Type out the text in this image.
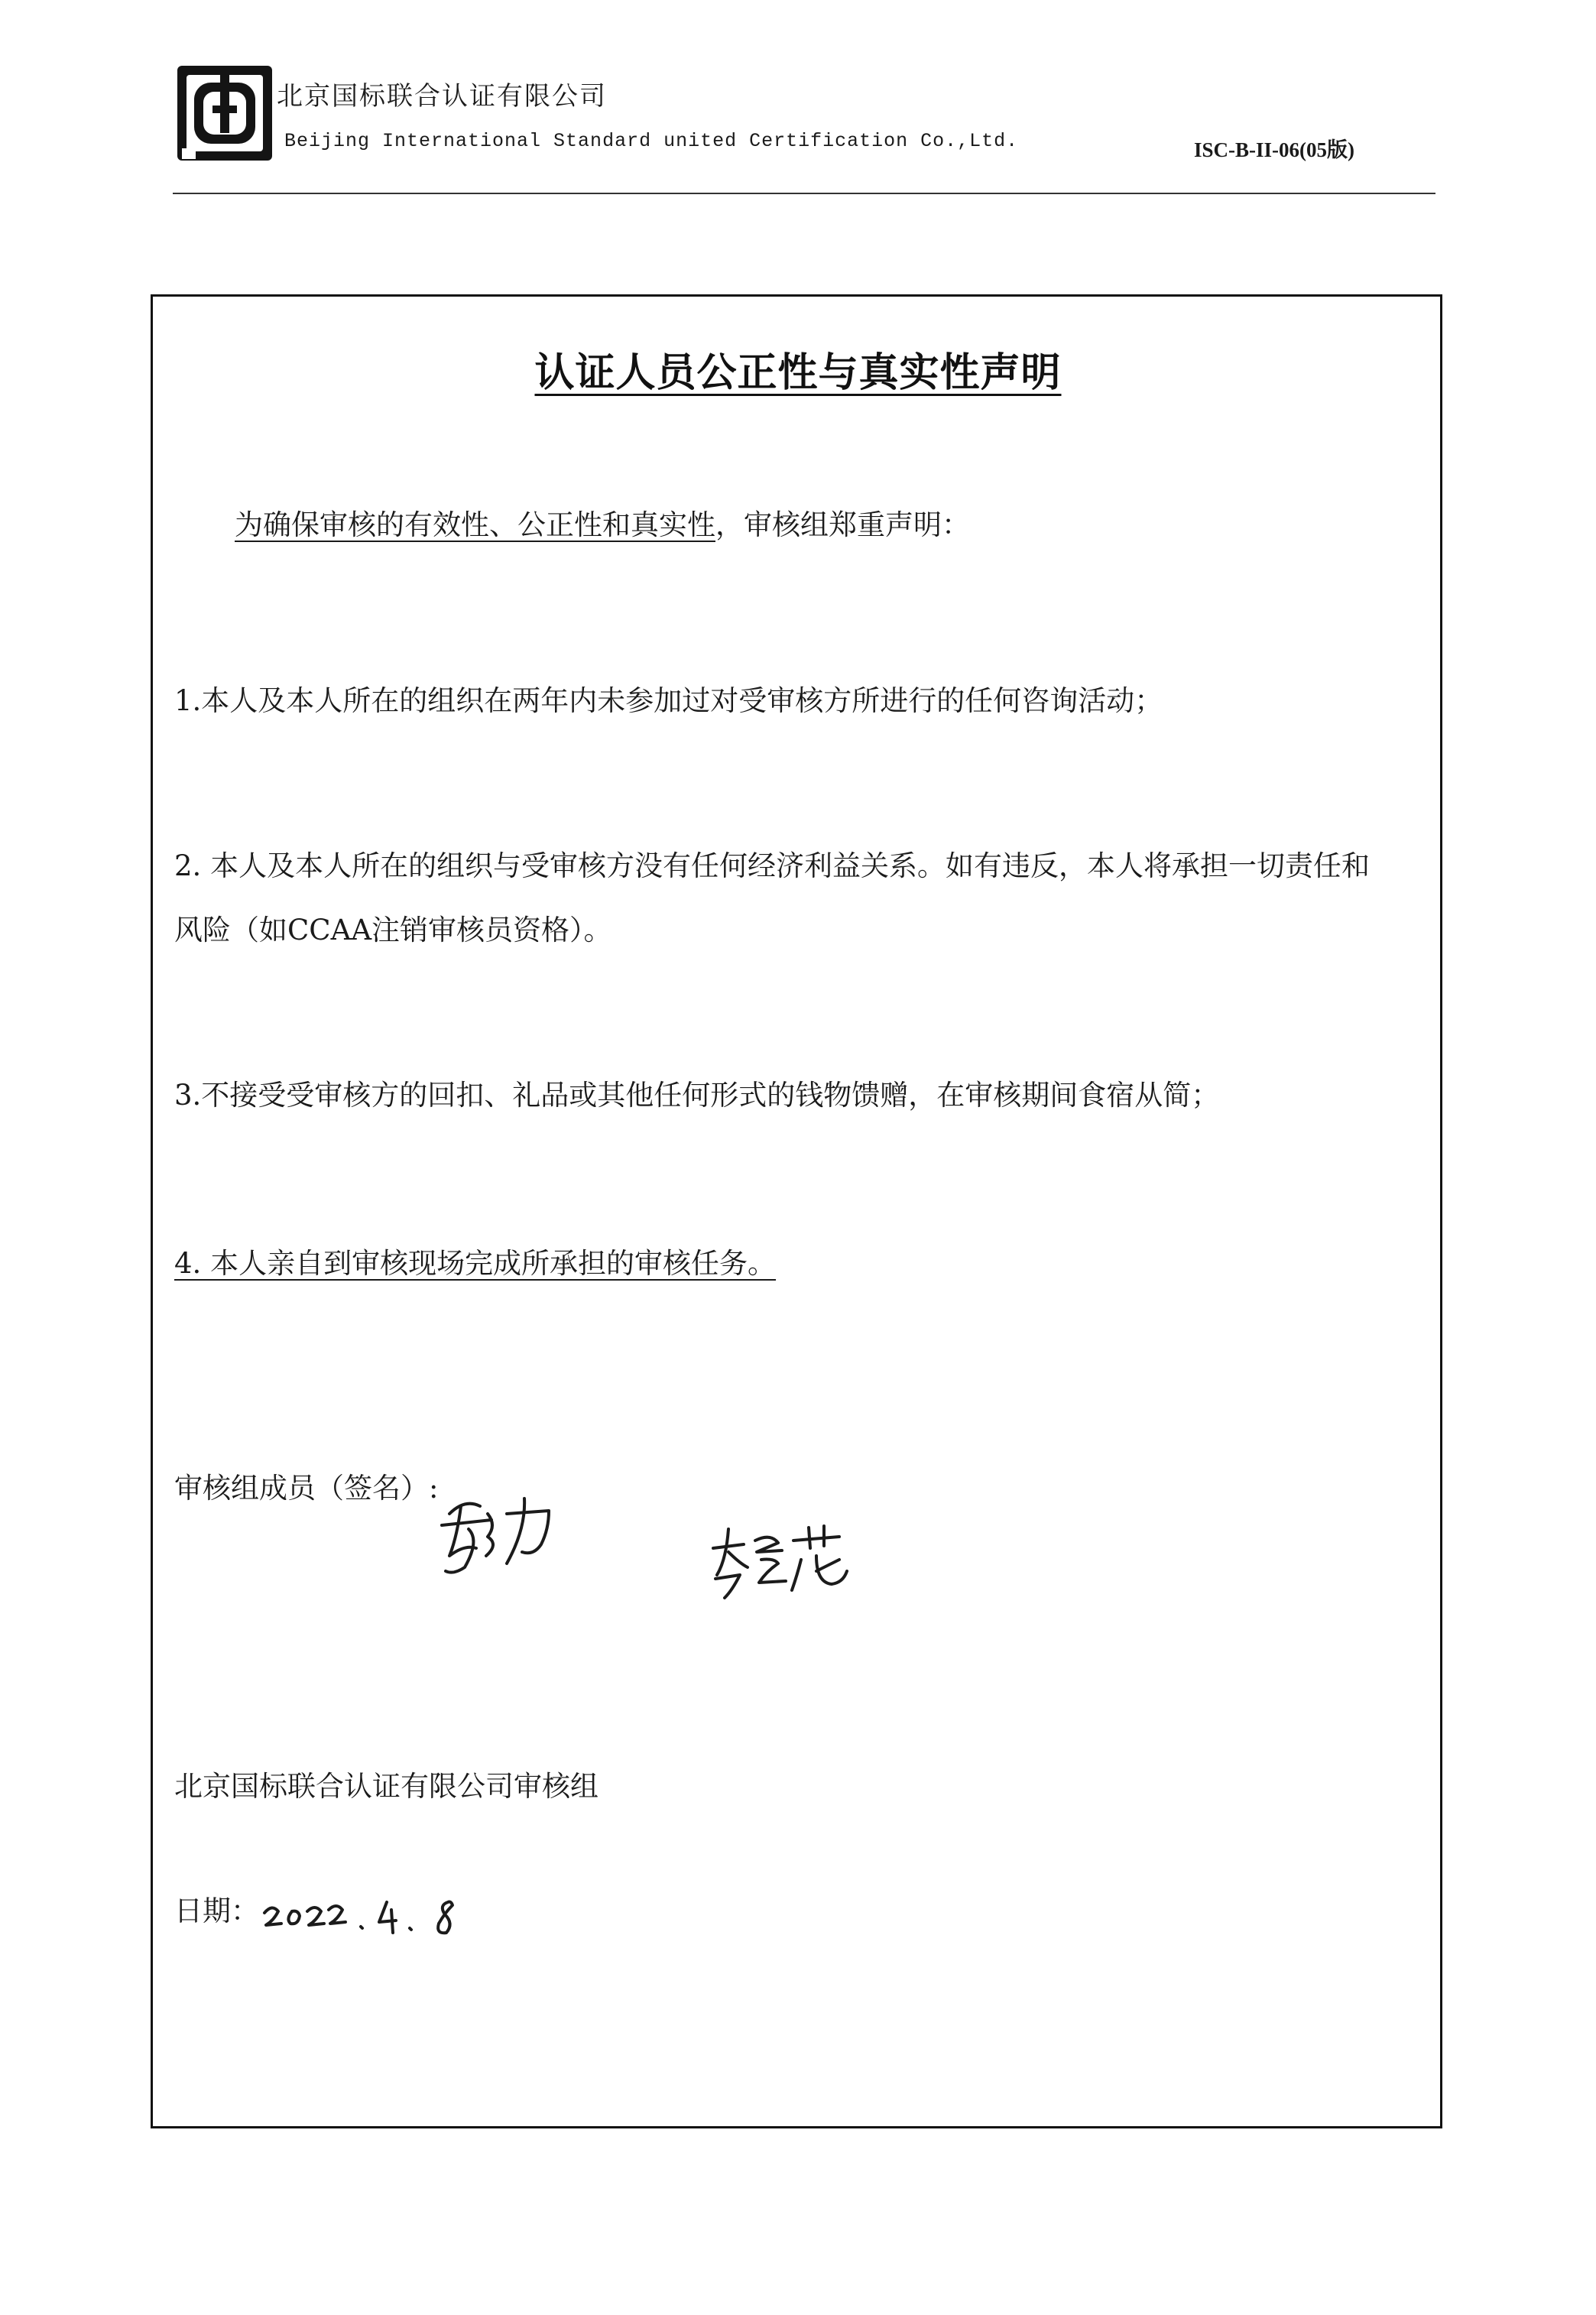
北京国标联合认证有限公司
Beijing International Standard united Certification Co.,Ltd.	ISC-B-II-06(05版)
认证人员公正性与真实性声明
为确保审核的有效性、公正性和真实性，审核组郑重声明：
1.本人及本人所在的组织在两年内未参加过对受审核方所进行的任何咨询活动；
2. 本人及本人所在的组织与受审核方没有任何经济利益关系。如有违反，本人将承担一切责任和
风险（如CCAA注销审核员资格）。
3.不接受受审核方的回扣、礼品或其他任何形式的钱物馈赠，在审核期间食宿从简；
4. 本人亲自到审核现场完成所承担的审核任务。
审核组成员（签名）:
北京国标联合认证有限公司审核组
日期：
